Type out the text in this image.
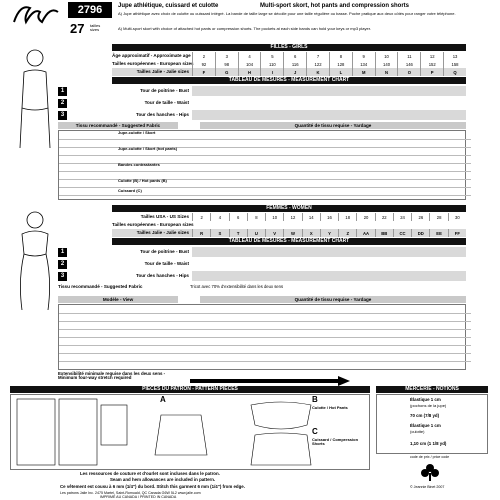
2796
27 tailles sizes
Jupe athlétique, cuissard et culotte	Multi-sport skort, hot pants and compression shorts
A) Jupe athlétique avec choix de culotte ou cuissard intégré. La bande de taille large se décolle pour une taille régulière ou basse. Poche pratique aux deux côtés pour ranger votre téléphone.
A) Multi-sport skort with choice of attached hot pants or compression shorts. The pockets at each side bands can hold your keys or mp3 player.
FILLES - GIRLS
Âge approximatif - Approximate age	2	3	4	5	6	7	8	9	10	11	12	13
Tailles européennes - European sizes	92	98	104	110	116	122	128	134	140	146	152	158
Tailles Jalie - Jalie sizes	F	G	H	I	J	K	L	M	N	O	P	Q
TABLEAU DE MESURES - MEASUREMENT CHART
1	Tour de poitrine - Bust
2	Tour de taille - Waist
3	Tour des hanches - Hips
Tissu recommandé - Suggested Fabric	Quantité de tissu requise - Yardage
Jupe-culotte / Skort
Jupe-culotte / Skort (hot pants)
Bandes contrastantes
Culotte (B) / Hot pants (B)
Cuissard (C)
FEMMES - WOMEN
Tailles USA - US Sizes	2	4	6	8	10	12	14	16	18	20	22	24	26	28	30
Tailles européennes - European sizes
Tailles Jalie - Jalie sizes	R	S	T	U	V	W	X	Y	Z	AA	BB	CC	DD	EE	FF
TABLEAU DE MESURES - MEASUREMENT CHART
1	Tour de poitrine - Bust
2	Tour de taille - Waist
3	Tour des hanches - Hips
Tissu recommandé - Suggested Fabric	Tricot avec 70% d'extensibilité dans les deux sens
Modèle - View	Quantité de tissu requise - Yardage
Extensibilité minimale requise dans les deux sens - Minimum four-way stretch required
PIÈCES DU PATRON - PATTERN PIECES
A	B
Culotte / Hot Pants
C
Cuissard / Compression Shorts
Les ressources de couture et d'ourlet sont incluses dans le patron.
Seam and hem allowances are included in pattern.
Ce vêtement est cousu à 6 mm (1/4") du bord. Stitch this garment 6 mm (1/4") from edge.
MERCERIE - NOTIONS
Élastique 1 cm
(pochons de la jupe)
70 cm (7/8 yd)
Élastique 1 cm
(culotte)
1,10 cm (1 1/8 yd)
code de prix / price code
Les patrons Jalie Inc. 2475 Martel, Saint-Romuald, QC Canada G6W 5L2 www.jalie.com
IMPRIMÉ AU CANADA / PRINTED IN CANADA
© Jeannie Binet 2007
